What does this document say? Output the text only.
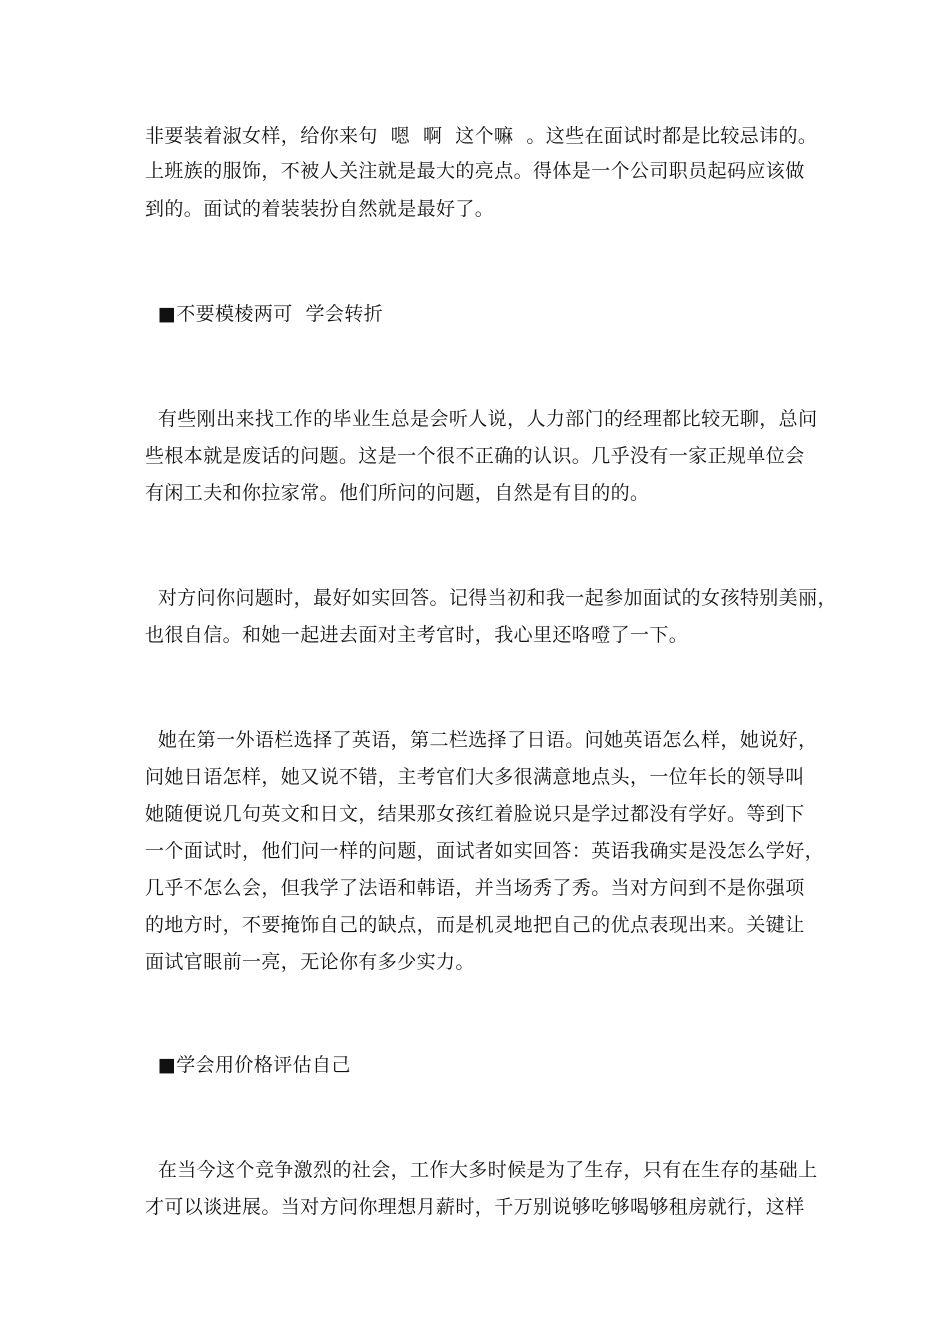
非要装着淑女样，给你来句  嗯  啊  这个嘛  。这些在面试时都是比较忌讳的。
上班族的服饰，不被人关注就是最大的亮点。得体是一个公司职员起码应该做
到的。面试的着装装扮自然就是最好了。
■不要模棱两可  学会转折
有些刚出来找工作的毕业生总是会听人说，人力部门的经理都比较无聊，总问
些根本就是废话的问题。这是一个很不正确的认识。几乎没有一家正规单位会
有闲工夫和你拉家常。他们所问的问题，自然是有目的的。
对方问你问题时，最好如实回答。记得当初和我一起参加面试的女孩特别美丽，
也很自信。和她一起进去面对主考官时，我心里还咯噔了一下。
她在第一外语栏选择了英语，第二栏选择了日语。问她英语怎么样，她说好，
问她日语怎样，她又说不错，主考官们大多很满意地点头，一位年长的领导叫
她随便说几句英文和日文，结果那女孩红着脸说只是学过都没有学好。等到下
一个面试时，他们问一样的问题，面试者如实回答：英语我确实是没怎么学好，
几乎不怎么会，但我学了法语和韩语，并当场秀了秀。当对方问到不是你强项
的地方时，不要掩饰自己的缺点，而是机灵地把自己的优点表现出来。关键让
面试官眼前一亮，无论你有多少实力。
■学会用价格评估自己
在当今这个竞争激烈的社会，工作大多时候是为了生存，只有在生存的基础上
才可以谈进展。当对方问你理想月薪时，千万别说够吃够喝够租房就行，这样
